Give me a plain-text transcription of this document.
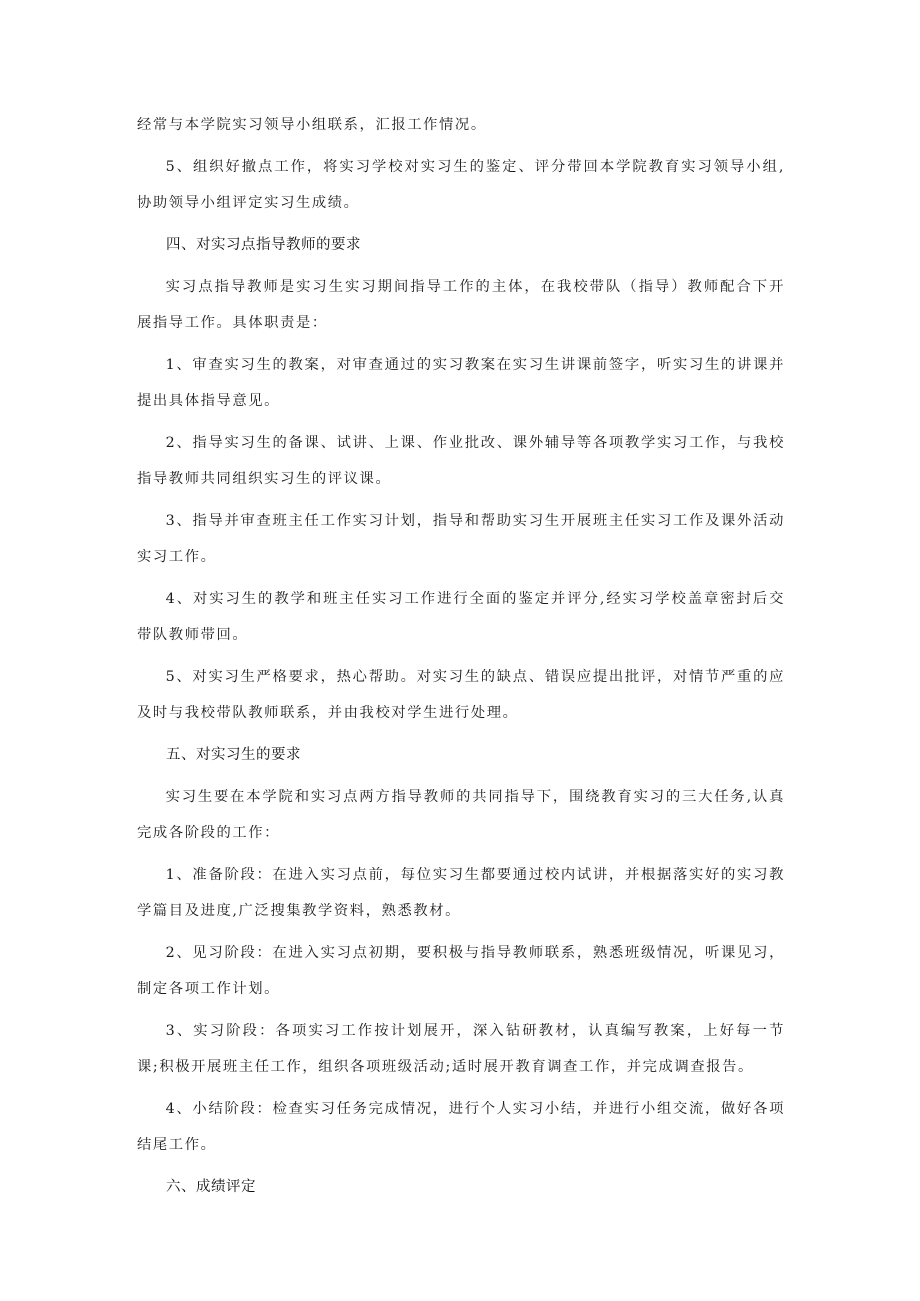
经常与本学院实习领导小组联系，汇报工作情况。

5、组织好撤点工作，将实习学校对实习生的鉴定、评分带回本学院教育实习领导小组,协助领导小组评定实习生成绩。

四、对实习点指导教师的要求

实习点指导教师是实习生实习期间指导工作的主体，在我校带队（指导）教师配合下开展指导工作。具体职责是：

1、审查实习生的教案，对审查通过的实习教案在实习生讲课前签字，听实习生的讲课并提出具体指导意见。

2、指导实习生的备课、试讲、上课、作业批改、课外辅导等各项教学实习工作，与我校指导教师共同组织实习生的评议课。

3、指导并审查班主任工作实习计划，指导和帮助实习生开展班主任实习工作及课外活动实习工作。

4、对实习生的教学和班主任实习工作进行全面的鉴定并评分,经实习学校盖章密封后交带队教师带回。

5、对实习生严格要求，热心帮助。对实习生的缺点、错误应提出批评，对情节严重的应及时与我校带队教师联系，并由我校对学生进行处理。

五、对实习生的要求

实习生要在本学院和实习点两方指导教师的共同指导下，围绕教育实习的三大任务,认真完成各阶段的工作：

1、准备阶段：在进入实习点前，每位实习生都要通过校内试讲，并根据落实好的实习教学篇目及进度,广泛搜集教学资料，熟悉教材。

2、见习阶段：在进入实习点初期，要积极与指导教师联系，熟悉班级情况，听课见习，制定各项工作计划。

3、实习阶段：各项实习工作按计划展开，深入钻研教材，认真编写教案，上好每一节课;积极开展班主任工作，组织各项班级活动;适时展开教育调查工作，并完成调查报告。

4、小结阶段：检查实习任务完成情况，进行个人实习小结，并进行小组交流，做好各项结尾工作。

六、成绩评定
